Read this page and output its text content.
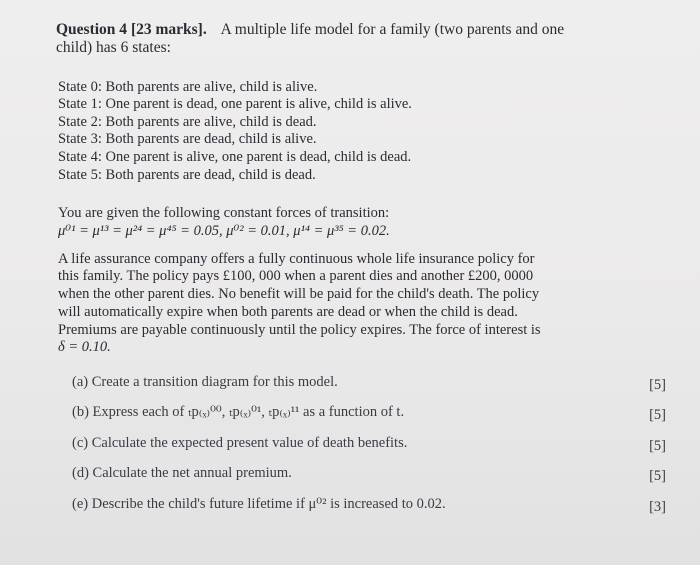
Question 4 [23 marks]. A multiple life model for a family (two parents and one
child) has 6 states:
State 0: Both parents are alive, child is alive.
State 1: One parent is dead, one parent is alive, child is alive.
State 2: Both parents are alive, child is dead.
State 3: Both parents are dead, child is alive.
State 4: One parent is alive, one parent is dead, child is dead.
State 5: Both parents are dead, child is dead.
You are given the following constant forces of transition:
μ⁰¹ = μ¹³ = μ²⁴ = μ⁴⁵ = 0.05, μ⁰² = 0.01, μ¹⁴ = μ³⁵ = 0.02.
A life assurance company offers a fully continuous whole life insurance policy for
this family. The policy pays £100, 000 when a parent dies and another £200, 0000
when the other parent dies. No benefit will be paid for the child's death. The policy
will automatically expire when both parents are dead or when the child is dead.
Premiums are payable continuously until the policy expires. The force of interest is
δ = 0.10.
(a) Create a transition diagram for this model.	[5]
(b) Express each of ₜp₍ₓ₎⁰⁰, ₜp₍ₓ₎⁰¹, ₜp₍ₓ₎¹¹ as a function of t.	[5]
(c) Calculate the expected present value of death benefits.	[5]
(d) Calculate the net annual premium.	[5]
(e) Describe the child's future lifetime if μ⁰² is increased to 0.02.	[3]
